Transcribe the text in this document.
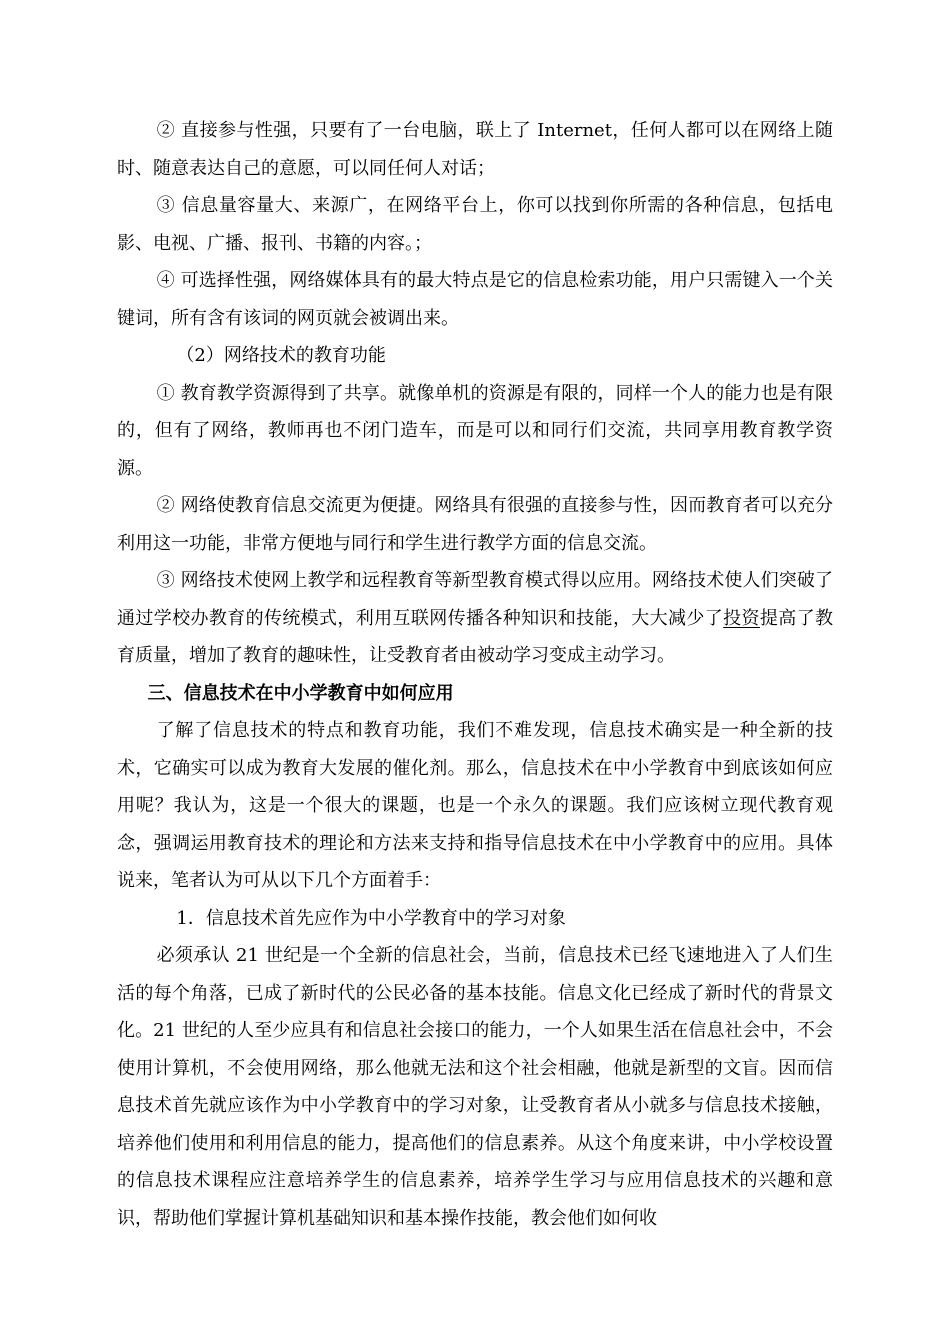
② 直接参与性强，只要有了一台电脑，联上了 Internet，任何人都可以在网络上随时、随意表达自己的意愿，可以同任何人对话；

③ 信息量容量大、来源广，在网络平台上，你可以找到你所需的各种信息，包括电影、电视、广播、报刊、书籍的内容。；

④ 可选择性强，网络媒体具有的最大特点是它的信息检索功能，用户只需键入一个关键词，所有含有该词的网页就会被调出来。

（2）网络技术的教育功能

① 教育教学资源得到了共享。就像单机的资源是有限的，同样一个人的能力也是有限的，但有了网络，教师再也不闭门造车，而是可以和同行们交流，共同享用教育教学资源。

② 网络使教育信息交流更为便捷。网络具有很强的直接参与性，因而教育者可以充分利用这一功能，非常方便地与同行和学生进行教学方面的信息交流。

③ 网络技术使网上教学和远程教育等新型教育模式得以应用。网络技术使人们突破了通过学校办教育的传统模式，利用互联网传播各种知识和技能，大大减少了投资提高了教育质量，增加了教育的趣味性，让受教育者由被动学习变成主动学习。

三、信息技术在中小学教育中如何应用

了解了信息技术的特点和教育功能，我们不难发现，信息技术确实是一种全新的技术，它确实可以成为教育大发展的催化剂。那么，信息技术在中小学教育中到底该如何应用呢？我认为，这是一个很大的课题，也是一个永久的课题。我们应该树立现代教育观念，强调运用教育技术的理论和方法来支持和指导信息技术在中小学教育中的应用。具体说来，笔者认为可从以下几个方面着手：

1．信息技术首先应作为中小学教育中的学习对象

必须承认 21 世纪是一个全新的信息社会，当前，信息技术已经飞速地进入了人们生活的每个角落，已成了新时代的公民必备的基本技能。信息文化已经成了新时代的背景文化。21 世纪的人至少应具有和信息社会接口的能力，一个人如果生活在信息社会中，不会使用计算机，不会使用网络，那么他就无法和这个社会相融，他就是新型的文盲。因而信息技术首先就应该作为中小学教育中的学习对象，让受教育者从小就多与信息技术接触，培养他们使用和利用信息的能力，提高他们的信息素养。从这个角度来讲，中小学校设置的信息技术课程应注意培养学生的信息素养，培养学生学习与应用信息技术的兴趣和意识，帮助他们掌握计算机基础知识和基本操作技能，教会他们如何收
